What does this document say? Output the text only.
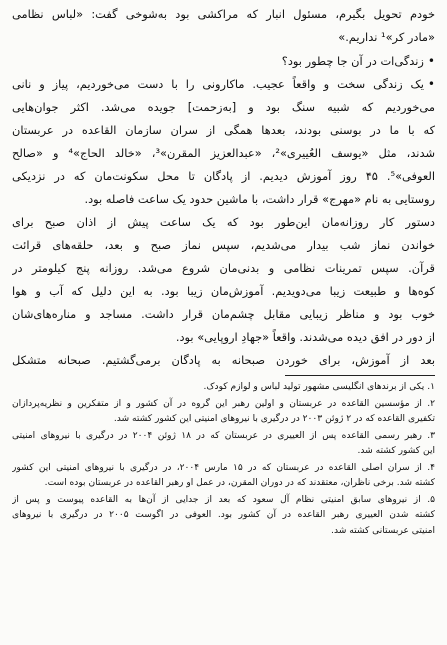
خودم تحویل بگیرم، مسئول انبار که مراکشی بود به‌شوخی گفت: «لباس نظامی
«مادر کر»¹ نداریم.»
•زندگی‌ات در آن جا چطور بود؟
•یک زندگی سخت و واقعاً عجیب. ماکارونی را با دست می‌خوردیم، پیاز و نانی
می‌خوردیم که شبیه سنگ بود و [به‌زحمت] جویده می‌شد. اکثر جوان‌هایی
که با ما در بوسنی بودند، بعدها همگی از سران سازمان القاعده در عربستان
شدند، مثل «یوسف العُییری»²، «عبدالعزیز المقرن»³، «خالد الحاج»⁴ و «صالح
العوفی»⁵. ۴۵ روز آموزش دیدیم. از پادگان تا محل سکونت‌مان که در نزدیکی
روستایی به نام «مهرج» قرار داشت، با ماشین حدود یک ساعت فاصله بود.
دستور کار روزانه‌مان این‌طور بود که یک ساعت پیش از اذان صبح برای
خواندن نماز شب بیدار می‌شدیم، سپس نماز صبح و بعد، حلقه‌های قرائت
قرآن. سپس تمرینات نظامی و بدنی‌مان شروع می‌شد. روزانه پنج کیلومتر در
کوه‌ها و طبیعت زیبا می‌دویدیم. آموزش‌مان زیبا بود. به این دلیل که آب و هوا
خوب بود و مناظر زیبایی مقابل چشم‌مان قرار داشت. مساجد و مناره‌های‌شان
از دور در افق دیده می‌شدند. واقعاً «جهادِ اروپایی» بود.
بعد از آموزش، برای خوردن صبحانه به پادگان برمی‌گشتیم. صبحانه متشکل

۱. یکی از برندهای انگلیسی مشهور تولید لباس و لوازم کودک.

۲. از مؤسسین القاعده در عربستان و اولین رهبر این گروه در آن کشور و از متفکرین و نظریه‌پردازان
تکفیری القاعده که در ۲ ژوئن ۲۰۰۳ در درگیری با نیروهای امنیتی این کشور کشته شد.

۳. رهبر رسمی القاعده پس از العییری در عربستان که در ۱۸ ژوئن ۲۰۰۴ در درگیری با نیروهای امنیتی
این کشور کشته شد.

۴. از سران اصلی القاعده در عربستان که در ۱۵ مارس ۲۰۰۴، در درگیری با نیروهای امنیتی این کشور
کشته شد. برخی ناظران، معتقدند که در دوران المقرن، در عمل او رهبر القاعده در عربستان بوده است.

۵. از نیروهای سابق امنیتی نظام آل سعود که بعد از جدایی از آن‌ها به القاعده پیوست و پس از
کشته شدن العییری رهبر القاعده در آن کشور بود. العوفی در اگوست ۲۰۰۵ در درگیری با نیروهای
امنیتی عربستانی کشته شد.
